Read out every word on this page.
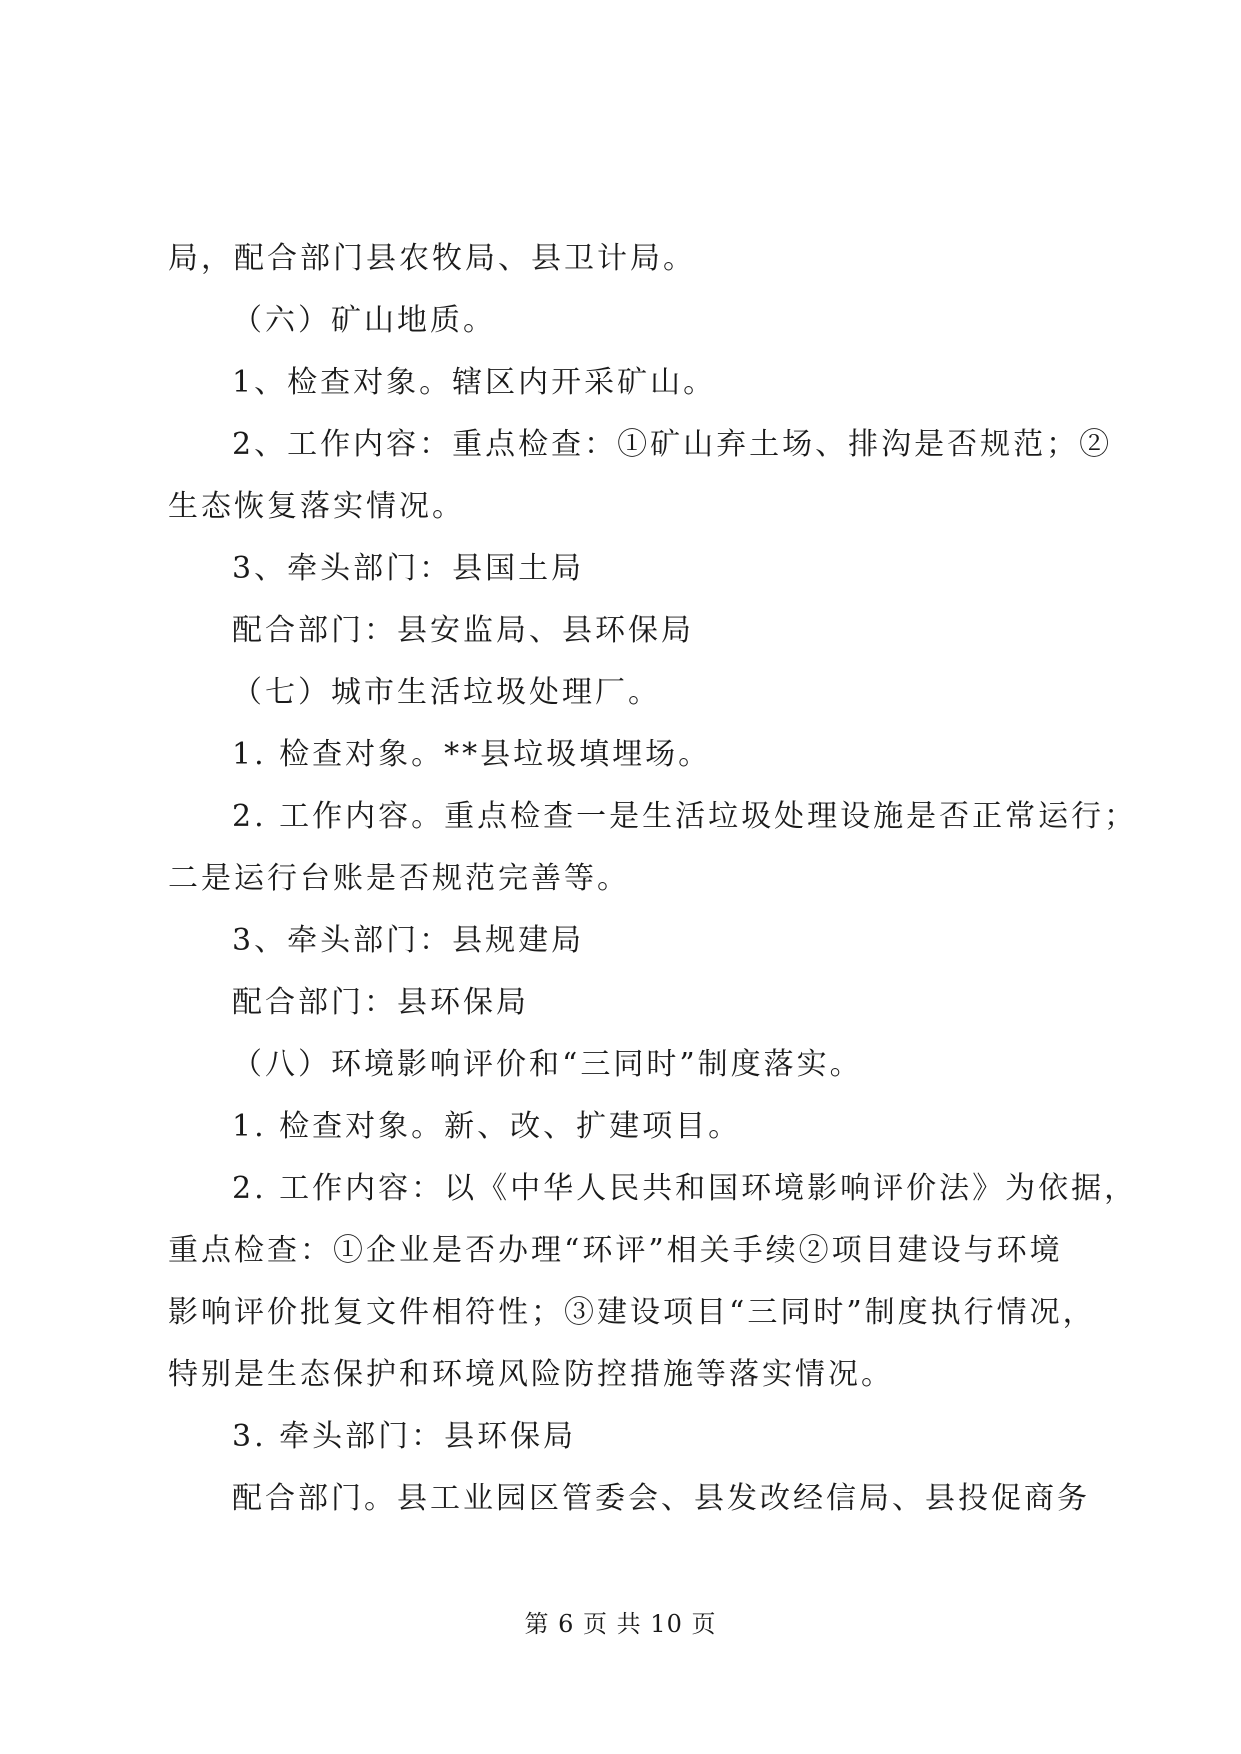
局，配合部门县农牧局、县卫计局。
（六）矿山地质。
1、检查对象。辖区内开采矿山。
2、工作内容：重点检查：①矿山弃土场、排沟是否规范；②
生态恢复落实情况。
3、牵头部门：县国土局
配合部门：县安监局、县环保局
（七）城市生活垃圾处理厂。
1. 检查对象。**县垃圾填埋场。
2. 工作内容。重点检查一是生活垃圾处理设施是否正常运行；
二是运行台账是否规范完善等。
3、牵头部门：县规建局
配合部门：县环保局
（八）环境影响评价和“三同时”制度落实。
1. 检查对象。新、改、扩建项目。
2. 工作内容：以《中华人民共和国环境影响评价法》为依据，
重点检查：①企业是否办理“环评”相关手续②项目建设与环境
影响评价批复文件相符性；③建设项目“三同时”制度执行情况，
特别是生态保护和环境风险防控措施等落实情况。
3. 牵头部门：县环保局
配合部门。县工业园区管委会、县发改经信局、县投促商务
第 6 页 共 10 页
